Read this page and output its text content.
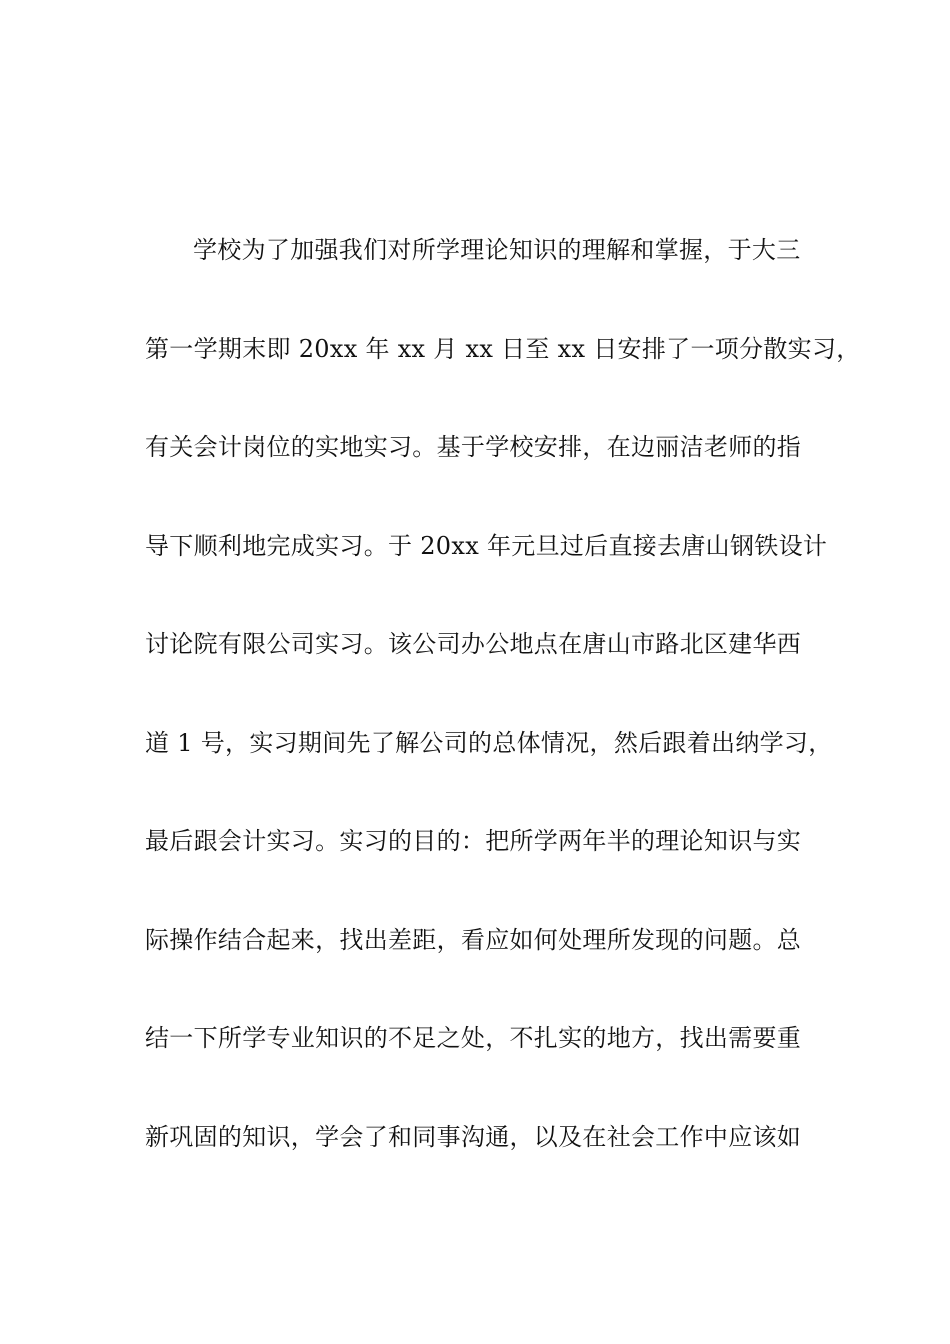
学校为了加强我们对所学理论知识的理解和掌握，于大三
第一学期末即 20xx 年 xx 月 xx 日至 xx 日安排了一项分散实习，
有关会计岗位的实地实习。基于学校安排，在边丽洁老师的指
导下顺利地完成实习。于 20xx 年元旦过后直接去唐山钢铁设计
讨论院有限公司实习。该公司办公地点在唐山市路北区建华西
道 1 号，实习期间先了解公司的总体情况，然后跟着出纳学习，
最后跟会计实习。实习的目的：把所学两年半的理论知识与实
际操作结合起来，找出差距，看应如何处理所发现的问题。总
结一下所学专业知识的不足之处，不扎实的地方，找出需要重
新巩固的知识，学会了和同事沟通，以及在社会工作中应该如
